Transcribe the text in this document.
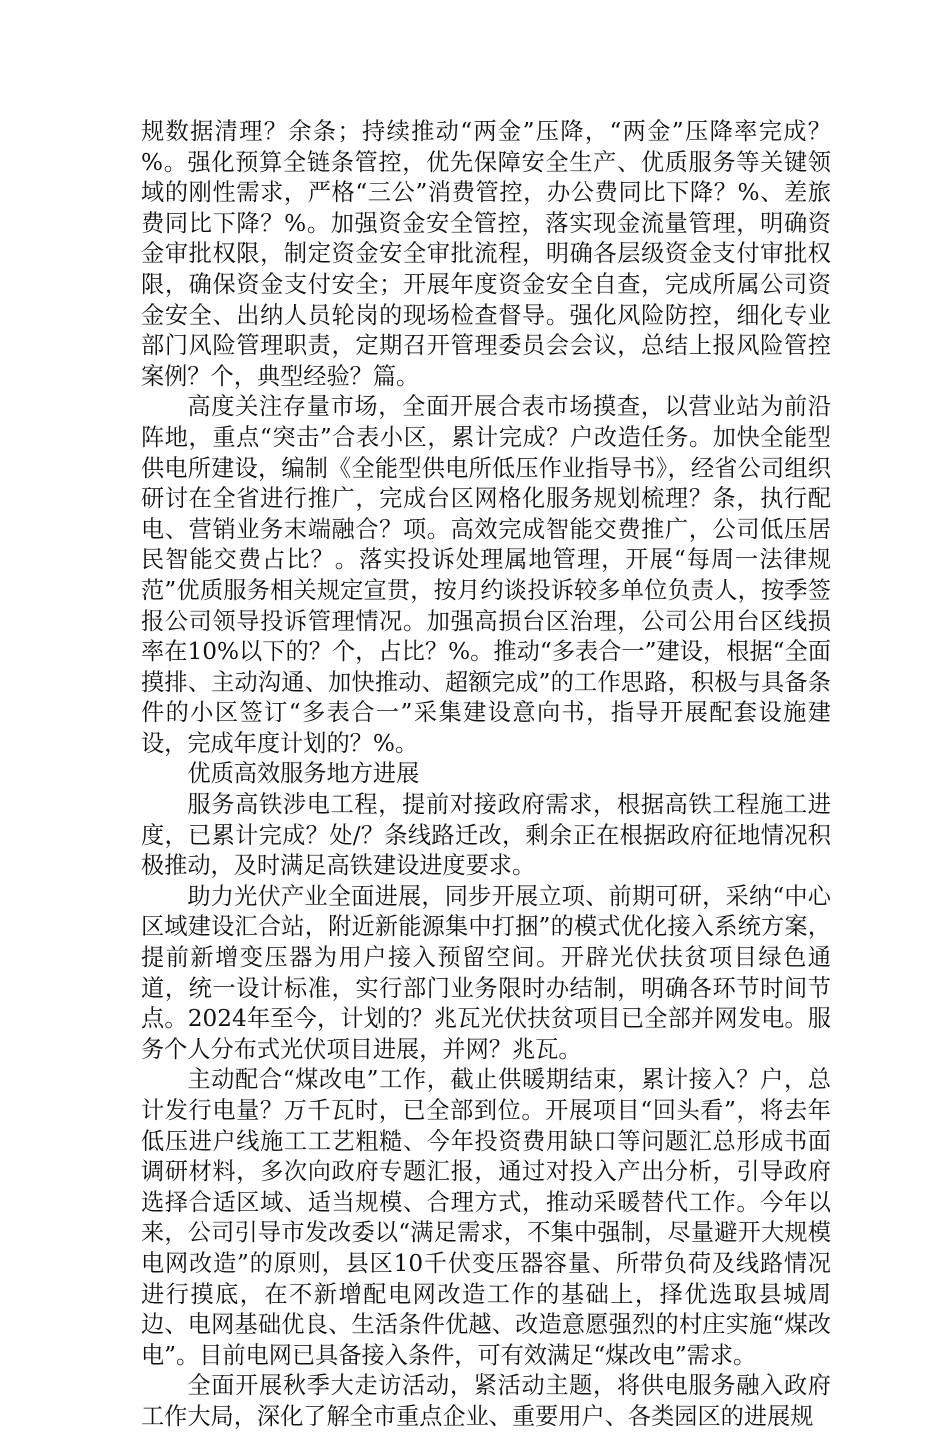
规数据清理？余条；持续推动“两金”压降，“两金”压降率完成？%。强化预算全链条管控，优先保障安全生产、优质服务等关键领域的刚性需求，严格“三公”消费管控，办公费同比下降？%、差旅费同比下降？%。加强资金安全管控，落实现金流量管理，明确资金审批权限，制定资金安全审批流程，明确各层级资金支付审批权限，确保资金支付安全；开展年度资金安全自查，完成所属公司资金安全、出纳人员轮岗的现场检查督导。强化风险防控，细化专业部门风险管理职责，定期召开管理委员会会议，总结上报风险管控案例？个，典型经验？篇。

高度关注存量市场，全面开展合表市场摸查，以营业站为前沿阵地，重点“突击”合表小区，累计完成？户改造任务。加快全能型供电所建设，编制《全能型供电所低压作业指导书》，经省公司组织研讨在全省进行推广，完成台区网格化服务规划梳理？条，执行配电、营销业务末端融合？项。高效完成智能交费推广，公司低压居民智能交费占比？。落实投诉处理属地管理，开展“每周一法律规范”优质服务相关规定宣贯，按月约谈投诉较多单位负责人，按季签报公司领导投诉管理情况。加强高损台区治理，公司公用台区线损率在10%以下的？个，占比？%。推动“多表合一”建设，根据“全面摸排、主动沟通、加快推动、超额完成”的工作思路，积极与具备条件的小区签订“多表合一”采集建设意向书，指导开展配套设施建设，完成年度计划的？%。

优质高效服务地方进展

服务高铁涉电工程，提前对接政府需求，根据高铁工程施工进度，已累计完成？处/？条线路迁改，剩余正在根据政府征地情况积极推动，及时满足高铁建设进度要求。

助力光伏产业全面进展，同步开展立项、前期可研，采纳“中心区域建设汇合站，附近新能源集中打捆”的模式优化接入系统方案，提前新增变压器为用户接入预留空间。开辟光伏扶贫项目绿色通道，统一设计标准，实行部门业务限时办结制，明确各环节时间节点。2024年至今，计划的？兆瓦光伏扶贫项目已全部并网发电。服务个人分布式光伏项目进展，并网？兆瓦。

主动配合“煤改电”工作，截止供暖期结束，累计接入？户，总计发行电量？万千瓦时，已全部到位。开展项目“回头看”，将去年低压进户线施工工艺粗糙、今年投资费用缺口等问题汇总形成书面调研材料，多次向政府专题汇报，通过对投入产出分析，引导政府选择合适区域、适当规模、合理方式，推动采暖替代工作。今年以来，公司引导市发改委以“满足需求，不集中强制，尽量避开大规模电网改造”的原则，县区10千伏变压器容量、所带负荷及线路情况进行摸底，在不新增配电网改造工作的基础上，择优选取县城周边、电网基础优良、生活条件优越、改造意愿强烈的村庄实施“煤改电”。目前电网已具备接入条件，可有效满足“煤改电”需求。

全面开展秋季大走访活动，紧活动主题，将供电服务融入政府工作大局，深化了解全市重点企业、重要用户、各类园区的进展规
